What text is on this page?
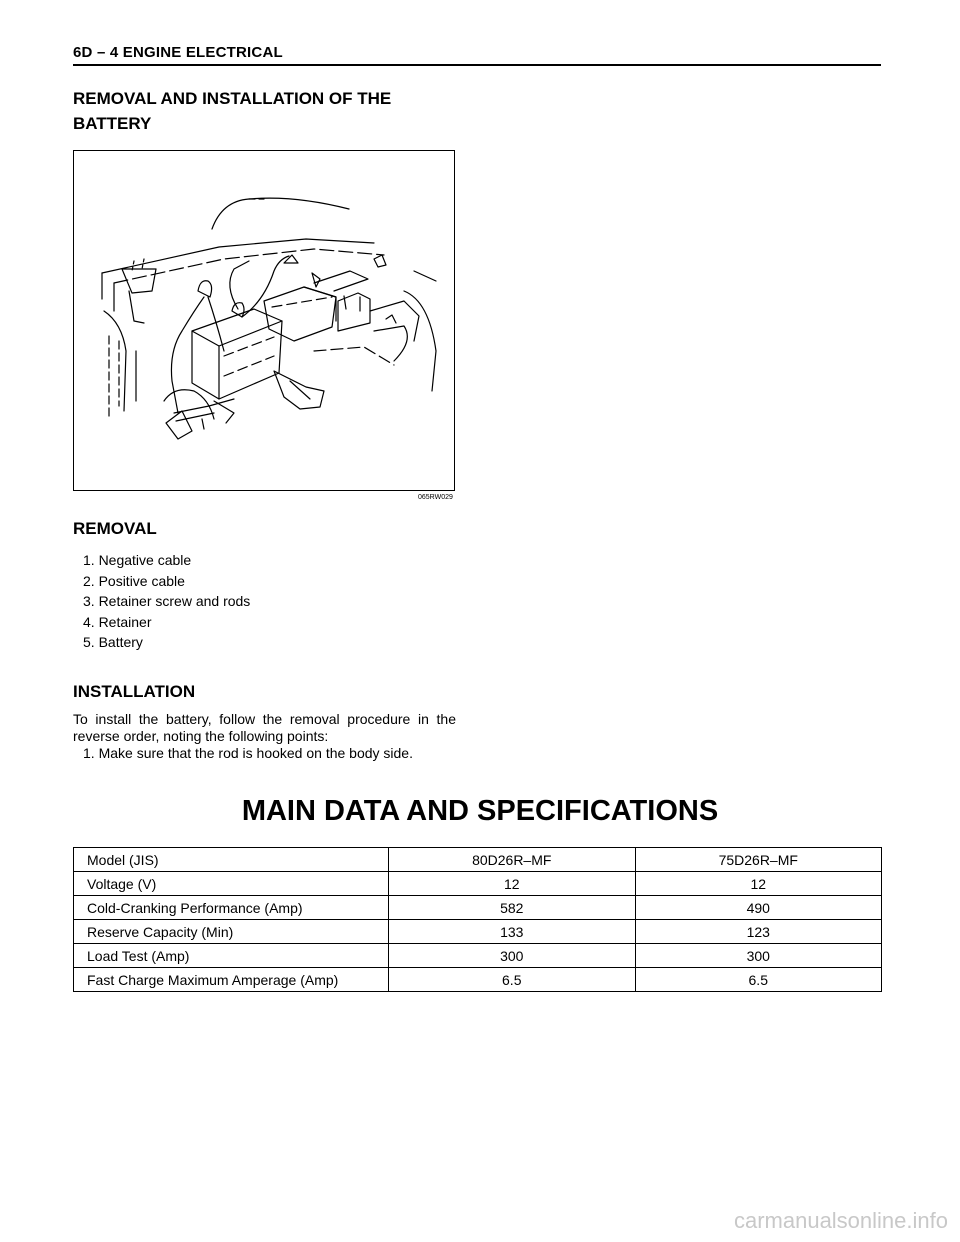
6D – 4 ENGINE ELECTRICAL
REMOVAL AND INSTALLATION OF THE BATTERY
065RW029
REMOVAL
1. Negative cable
2. Positive cable
3. Retainer screw and rods
4. Retainer
5. Battery
INSTALLATION
To install the battery, follow the removal procedure in the reverse order, noting the following points:
1. Make sure that the rod is hooked on the body side.
MAIN DATA AND SPECIFICATIONS
Model (JIS)	80D26R–MF	75D26R–MF
Voltage (V)	12	12
Cold-Cranking Performance (Amp)	582	490
Reserve Capacity (Min)	133	123
Load Test (Amp)	300	300
Fast Charge Maximum Amperage (Amp)	6.5	6.5
carmanualsonline.info
